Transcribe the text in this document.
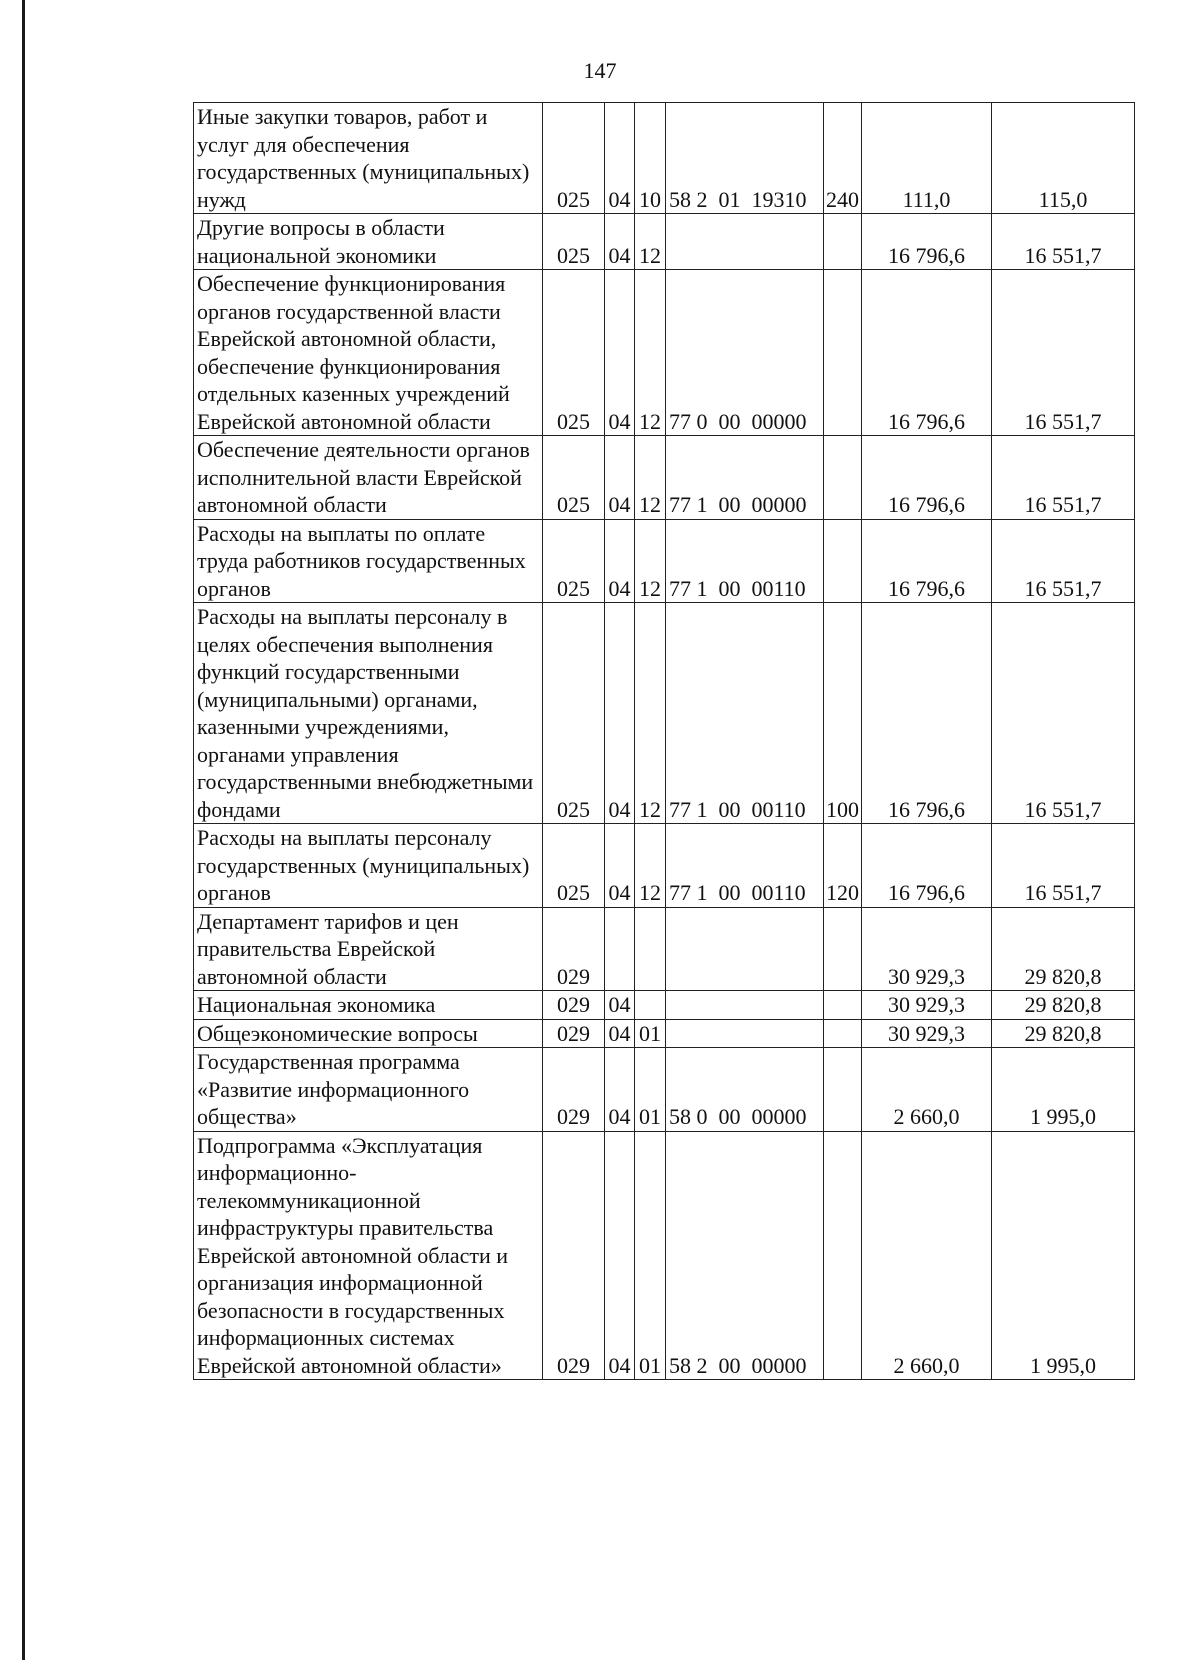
147
Иные закупки товаров, работ и услуг для обеспечения государственных (муниципальных) нужд	025	04	10	58 2  01  19310	240	111,0	115,0
Другие вопросы в области национальной экономики	025	04	12			16 796,6	16 551,7
Обеспечение функционирования органов государственной власти Еврейской автономной области, обеспечение функционирования отдельных казенных учреждений Еврейской автономной области	025	04	12	77 0  00  00000		16 796,6	16 551,7
Обеспечение деятельности органов исполнительной власти Еврейской автономной области	025	04	12	77 1  00  00000		16 796,6	16 551,7
Расходы на выплаты по оплате труда работников государственных органов	025	04	12	77 1  00  00110		16 796,6	16 551,7
Расходы на выплаты персоналу в целях обеспечения выполнения функций государственными (муниципальными) органами, казенными учреждениями, органами управления государственными внебюджетными фондами	025	04	12	77 1  00  00110	100	16 796,6	16 551,7
Расходы на выплаты персоналу государственных (муниципальных) органов	025	04	12	77 1  00  00110	120	16 796,6	16 551,7
Департамент тарифов и цен правительства Еврейской автономной области	029					30 929,3	29 820,8
Национальная экономика	029	04				30 929,3	29 820,8
Общеэкономические вопросы	029	04	01			30 929,3	29 820,8
Государственная программа «Развитие информационного общества»	029	04	01	58 0  00  00000		2 660,0	1 995,0
Подпрограмма «Эксплуатация информационно-телекоммуникационной инфраструктуры правительства Еврейской автономной области и организация информационной безопасности в государственных информационных системах Еврейской автономной области»	029	04	01	58 2  00  00000		2 660,0	1 995,0
